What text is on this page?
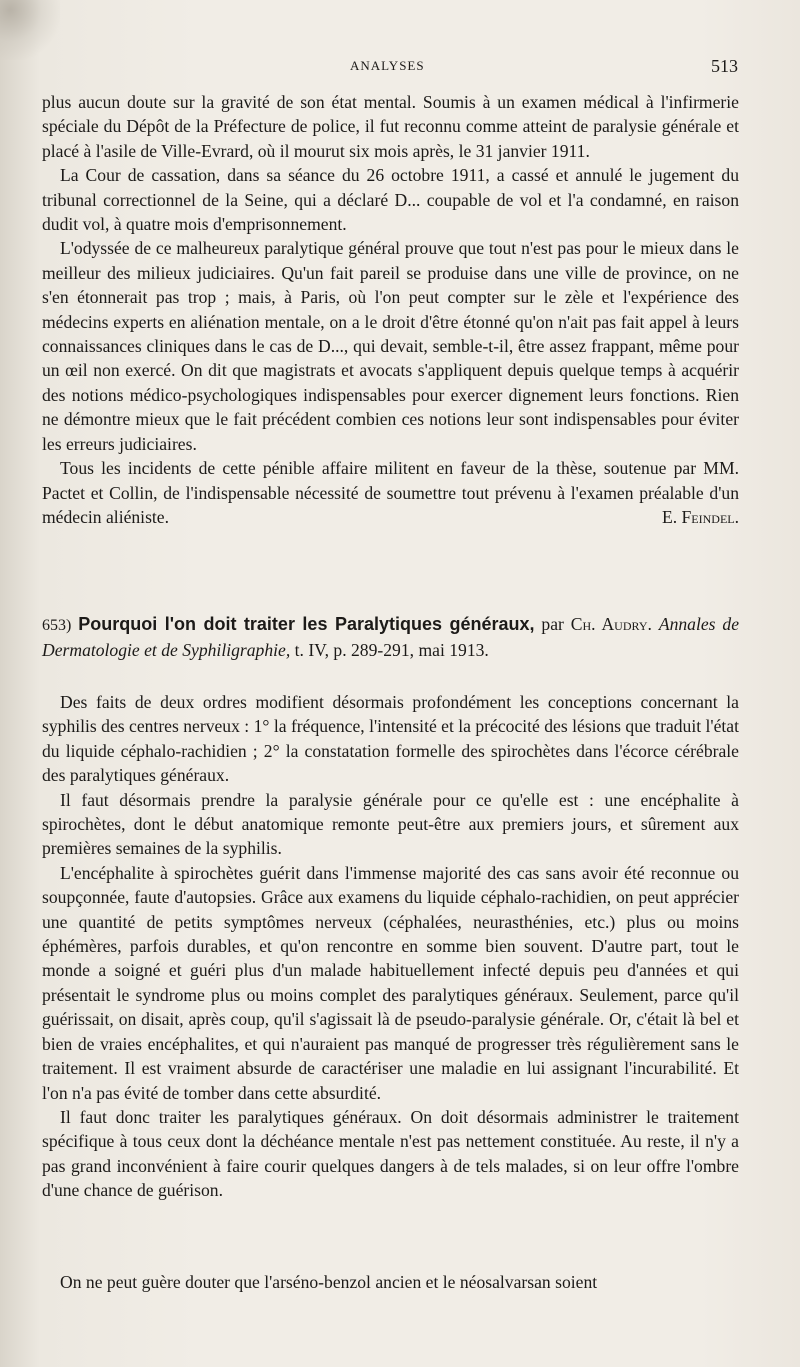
ANALYSES	513

plus aucun doute sur la gravité de son état mental. Soumis à un examen médical à l'infirmerie spéciale du Dépôt de la Préfecture de police, il fut reconnu comme atteint de paralysie générale et placé à l'asile de Ville-Evrard, où il mourut six mois après, le 31 janvier 1911.

La Cour de cassation, dans sa séance du 26 octobre 1911, a cassé et annulé le jugement du tribunal correctionnel de la Seine, qui a déclaré D... coupable de vol et l'a condamné, en raison dudit vol, à quatre mois d'emprisonnement.

L'odyssée de ce malheureux paralytique général prouve que tout n'est pas pour le mieux dans le meilleur des milieux judiciaires. Qu'un fait pareil se produise dans une ville de province, on ne s'en étonnerait pas trop ; mais, à Paris, où l'on peut compter sur le zèle et l'expérience des médecins experts en aliénation mentale, on a le droit d'être étonné qu'on n'ait pas fait appel à leurs connaissances cliniques dans le cas de D..., qui devait, semble-t-il, être assez frappant, même pour un œil non exercé. On dit que magistrats et avocats s'appliquent depuis quelque temps à acquérir des notions médico-psychologiques indispensables pour exercer dignement leurs fonctions. Rien ne démontre mieux que le fait précédent combien ces notions leur sont indispensables pour éviter les erreurs judiciaires.

Tous les incidents de cette pénible affaire militent en faveur de la thèse, soutenue par MM. Pactet et Collin, de l'indispensable nécessité de soumettre tout prévenu à l'examen préalable d'un médecin aliéniste.	E. Feindel.

653) Pourquoi l'on doit traiter les Paralytiques généraux, par Ch. Audry. Annales de Dermatologie et de Syphiligraphie, t. IV, p. 289-291, mai 1913.

Des faits de deux ordres modifient désormais profondément les conceptions concernant la syphilis des centres nerveux : 1° la fréquence, l'intensité et la précocité des lésions que traduit l'état du liquide céphalo-rachidien ; 2° la constatation formelle des spirochètes dans l'écorce cérébrale des paralytiques généraux.

Il faut désormais prendre la paralysie générale pour ce qu'elle est : une encéphalite à spirochètes, dont le début anatomique remonte peut-être aux premiers jours, et sûrement aux premières semaines de la syphilis.

L'encéphalite à spirochètes guérit dans l'immense majorité des cas sans avoir été reconnue ou soupçonnée, faute d'autopsies. Grâce aux examens du liquide céphalo-rachidien, on peut apprécier une quantité de petits symptômes nerveux (céphalées, neurasthénies, etc.) plus ou moins éphémères, parfois durables, et qu'on rencontre en somme bien souvent. D'autre part, tout le monde a soigné et guéri plus d'un malade habituellement infecté depuis peu d'années et qui présentait le syndrome plus ou moins complet des paralytiques généraux. Seulement, parce qu'il guérissait, on disait, après coup, qu'il s'agissait là de pseudo-paralysie générale. Or, c'était là bel et bien de vraies encéphalites, et qui n'auraient pas manqué de progresser très régulièrement sans le traitement. Il est vraiment absurde de caractériser une maladie en lui assignant l'incurabilité. Et l'on n'a pas évité de tomber dans cette absurdité.

Il faut donc traiter les paralytiques généraux. On doit désormais administrer le traitement spécifique à tous ceux dont la déchéance mentale n'est pas nettement constituée. Au reste, il n'y a pas grand inconvénient à faire courir quelques dangers à de tels malades, si on leur offre l'ombre d'une chance de guérison.

On ne peut guère douter que l'arséno-benzol ancien et le néosalvarsan soient
